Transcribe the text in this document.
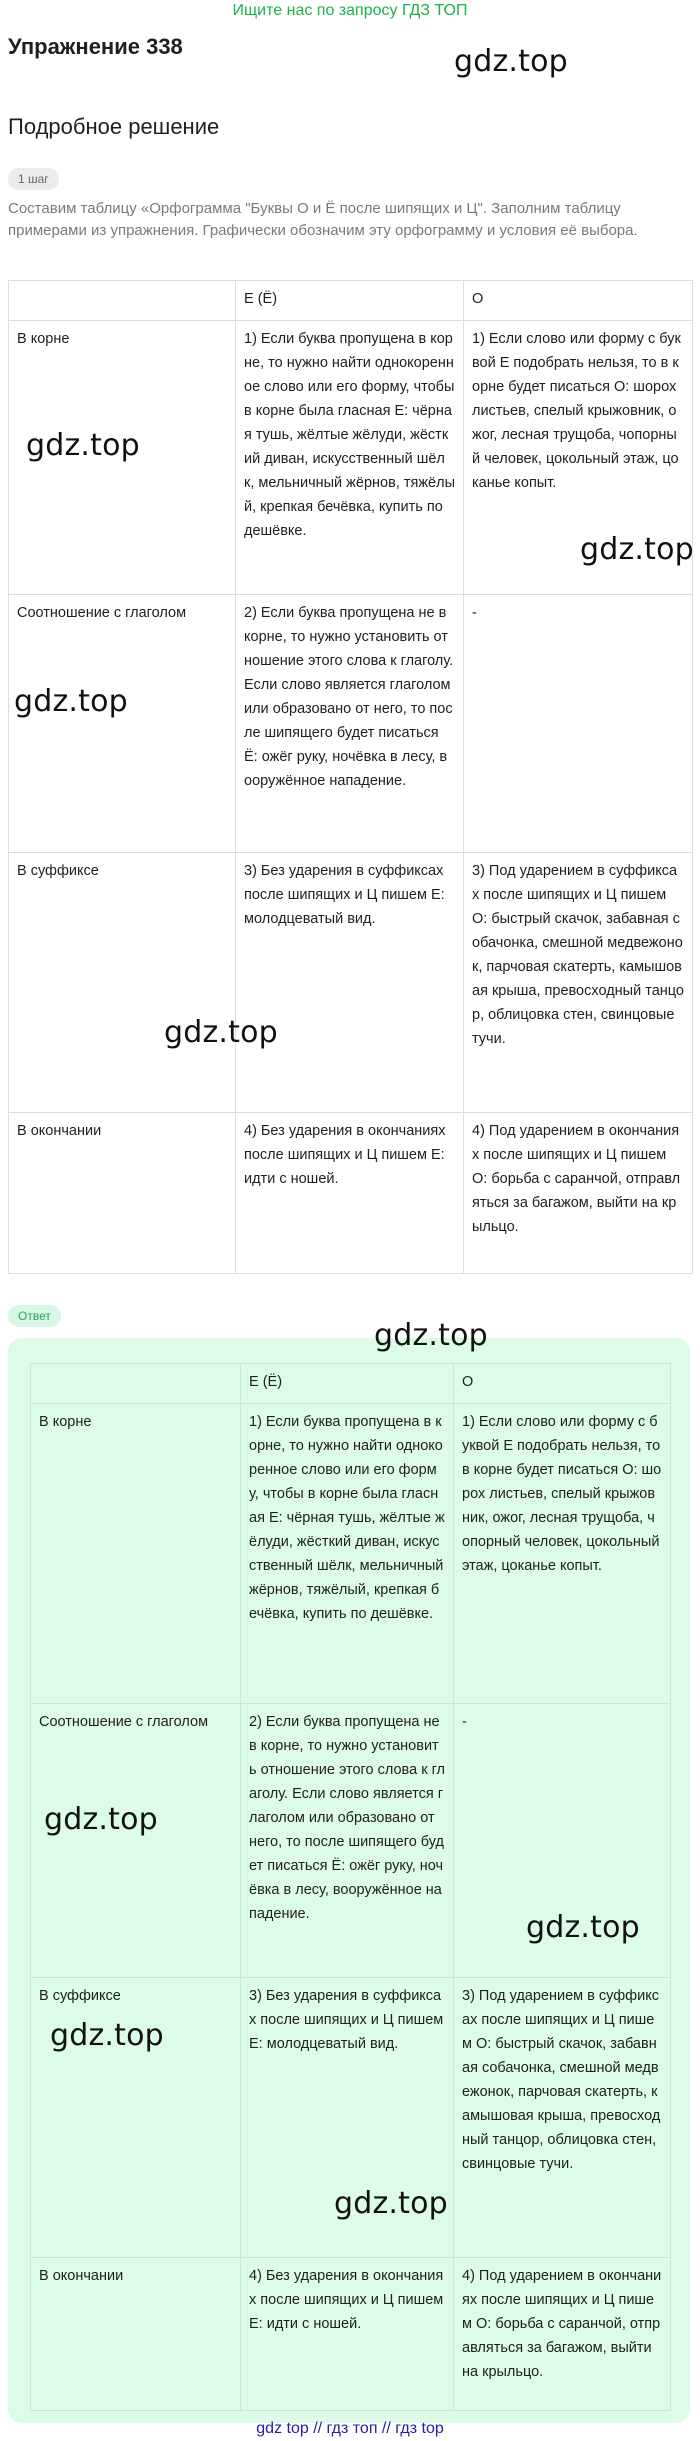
Ищите нас по запросу ГДЗ ТОП
Упражнение 338	gdz.top
Подробное решение
1 шаг
Составим таблицу «Орфограмма "Буквы О и Ё после шипящих и Ц". Заполним таблицу примерами из упражнения. Графически обозначим эту орфограмму и условия её выбора.
	Е (Ё)	О
В корне	1) Если буква пропущена в корне, то нужно найти однокоренное слово или его форму, чтобы в корне была гласная Е: чёрная тушь, жёлтые жёлуди, жёсткий диван, искусственный шёлк, мельничный жёрнов, тяжёлый, крепкая бечёвка, купить по дешёвке.	1) Если слово или форму с буквой Е подобрать нельзя, то в корне будет писаться О: шорох листьев, спелый крыжовник, ожог, лесная трущоба, чопорный человек, цокольный этаж, цоканье копыт.
Соотношение с глаголом	2) Если буква пропущена не в корне, то нужно установить отношение этого слова к глаголу. Если слово является глаголом или образовано от него, то после шипящего будет писаться Ё: ожёг руку, ночёвка в лесу, вооружённое нападение.	-
В суффиксе	3) Без ударения в суффиксах после шипящих и Ц пишем Е: молодцеватый вид.	3) Под ударением в суффиксах после шипящих и Ц пишем О: быстрый скачок, забавная собачонка, смешной медвежонок, парчовая скатерть, камышовая крыша, превосходный танцор, облицовка стен, свинцовые тучи.
В окончании	4) Без ударения в окончаниях после шипящих и Ц пишем Е: идти с ношей.	4) Под ударением в окончаниях после шипящих и Ц пишем О: борьба с саранчой, отправляться за багажом, выйти на крыльцо.
gdz.top
gdz.top
gdz.top
gdz.top
Ответ
	Е (Ё)	О
В корне	1) Если буква пропущена в корне, то нужно найти однокоренное слово или его форму, чтобы в корне была гласная Е: чёрная тушь, жёлтые жёлуди, жёсткий диван, искусственный шёлк, мельничный жёрнов, тяжёлый, крепкая бечёвка, купить по дешёвке.	1) Если слово или форму с буквой Е подобрать нельзя, то в корне будет писаться О: шорох листьев, спелый крыжовник, ожог, лесная трущоба, чопорный человек, цокольный этаж, цоканье копыт.
Соотношение с глаголом	2) Если буква пропущена не в корне, то нужно установить отношение этого слова к глаголу. Если слово является глаголом или образовано от него, то после шипящего будет писаться Ё: ожёг руку, ночёвка в лесу, вооружённое нападение.	-
В суффиксе	3) Без ударения в суффиксах после шипящих и Ц пишем Е: молодцеватый вид.	3) Под ударением в суффиксах после шипящих и Ц пишем О: быстрый скачок, забавная собачонка, смешной медвежонок, парчовая скатерть, камышовая крыша, превосходный танцор, облицовка стен, свинцовые тучи.
В окончании	4) Без ударения в окончаниях после шипящих и Ц пишем Е: идти с ношей.	4) Под ударением в окончаниях после шипящих и Ц пишем О: борьба с саранчой, отправляться за багажом, выйти на крыльцо.
gdz.top
gdz.top
gdz.top
gdz.top
gdz.top
gdz top // гдз топ // гдз top
